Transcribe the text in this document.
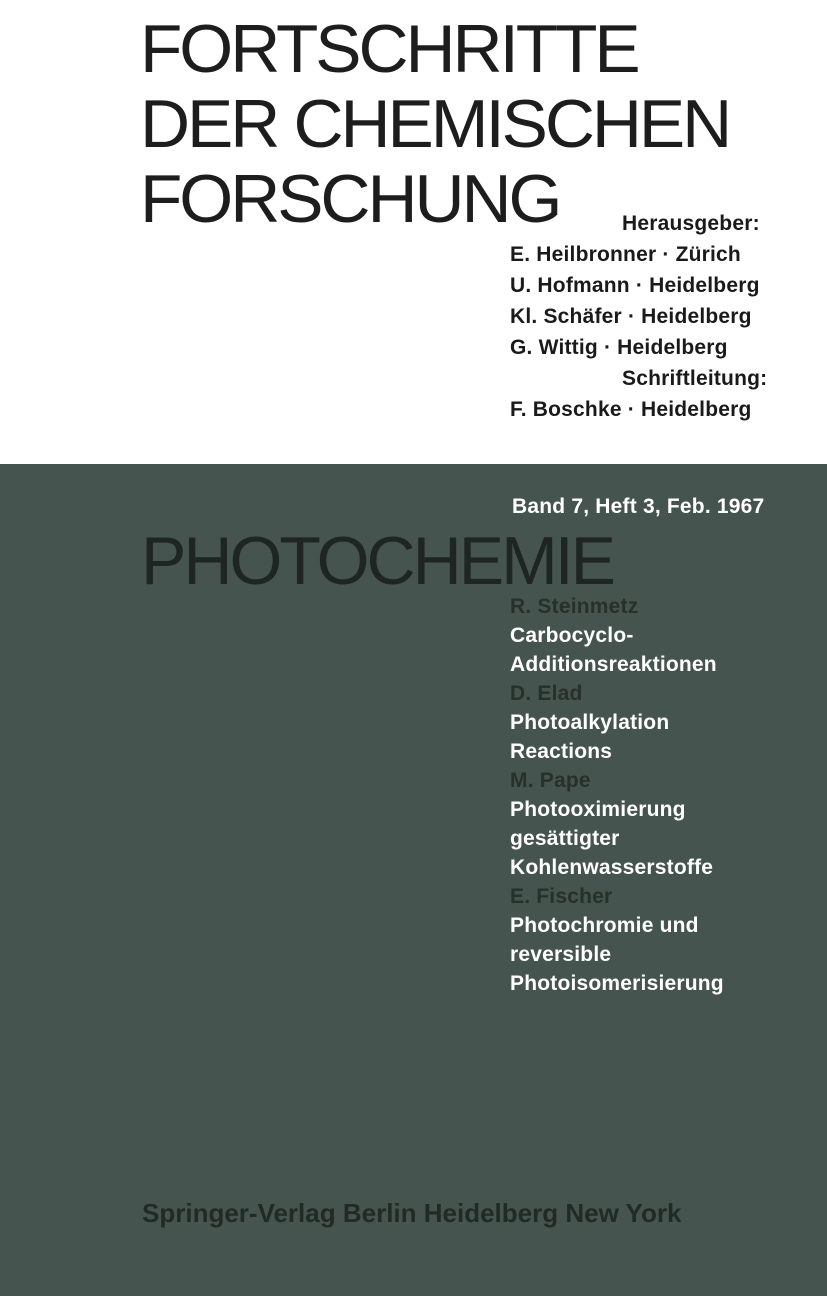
FORTSCHRITTE
DER CHEMISCHEN
FORSCHUNG	Herausgeber:
E. Heilbronner · Zürich
U. Hofmann · Heidelberg
Kl. Schäfer · Heidelberg
G. Wittig · Heidelberg
Schriftleitung:
F. Boschke · Heidelberg
Band 7, Heft 3, Feb. 1967
PHOTOCHEMIE
R. Steinmetz
Carbocyclo-
Additionsreaktionen
D. Elad
Photoalkylation
Reactions
M. Pape
Photooximierung
gesättigter
Kohlenwasserstoffe
E. Fischer
Photochromie und
reversible
Photoisomerisierung
Springer-Verlag Berlin Heidelberg New York
